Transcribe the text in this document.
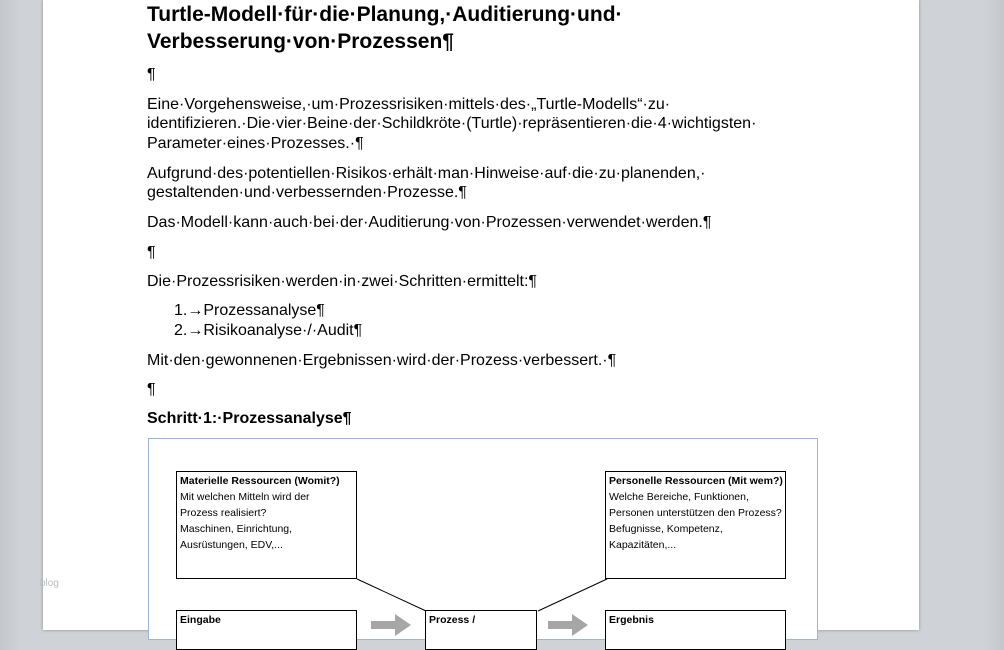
blog
Turtle-Modell·für·die·Planung,·Auditierung·und·
Verbesserung·von·Prozessen¶
¶
Eine·Vorgehensweise,·um·Prozessrisiken·mittels·des·„Turtle-Modells“·zu·
identifizieren.·Die·vier·Beine·der·Schildkröte·(Turtle)·repräsentieren·die·4·wichtigsten·
Parameter·eines·Prozesses.·¶
Aufgrund·des·potentiellen·Risikos·erhält·man·Hinweise·auf·die·zu·planenden,·
gestaltenden·und·verbessernden·Prozesse.¶
Das·Modell·kann·auch·bei·der·Auditierung·von·Prozessen·verwendet·werden.¶
¶
Die·Prozessrisiken·werden·in·zwei·Schritten·ermittelt:¶
1.→Prozessanalyse¶
2.→Risikoanalyse·/·Audit¶
Mit·den·gewonnenen·Ergebnissen·wird·der·Prozess·verbessert.·¶
¶
Schritt·1:·Prozessanalyse¶
Materielle Ressourcen (Womit?)
Mit welchen Mitteln wird der
Prozess realisiert?
Maschinen, Einrichtung,
Ausrüstungen, EDV,...
Personelle Ressourcen (Mit wem?)
Welche Bereiche, Funktionen,
Personen unterstützen den Prozess?
Befugnisse, Kompetenz,
Kapazitäten,...
Eingabe	Prozess /	Ergebnis
